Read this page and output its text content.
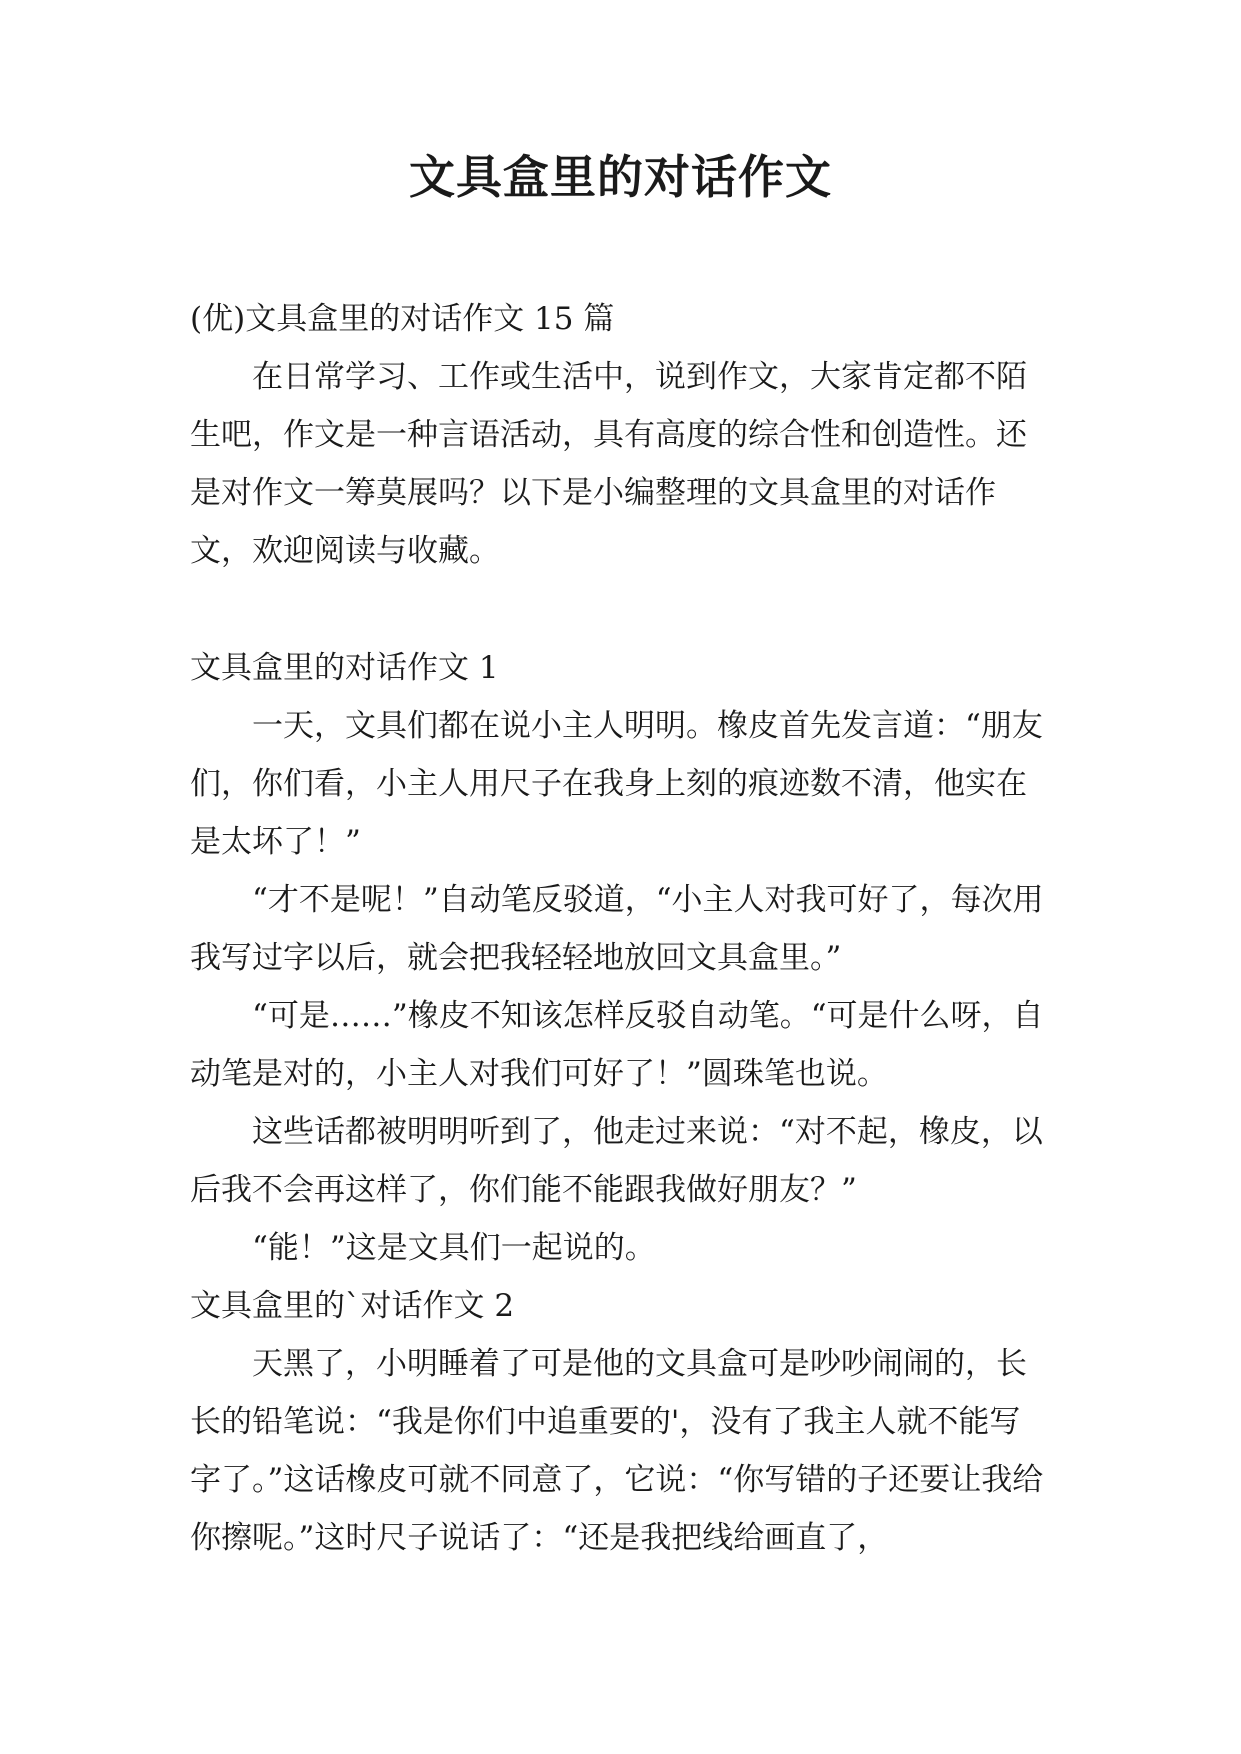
文具盒里的对话作文

(优)文具盒里的对话作文 15 篇

在日常学习、工作或生活中，说到作文，大家肯定都不陌生吧，作文是一种言语活动，具有高度的综合性和创造性。还是对作文一筹莫展吗？以下是小编整理的文具盒里的对话作文，欢迎阅读与收藏。

文具盒里的对话作文 1

一天，文具们都在说小主人明明。橡皮首先发言道：“朋友们，你们看，小主人用尺子在我身上刻的痕迹数不清，他实在是太坏了！”

“才不是呢！”自动笔反驳道，“小主人对我可好了，每次用我写过字以后，就会把我轻轻地放回文具盒里。”

“可是……”橡皮不知该怎样反驳自动笔。“可是什么呀，自动笔是对的，小主人对我们可好了！”圆珠笔也说。

这些话都被明明听到了，他走过来说：“对不起，橡皮，以后我不会再这样了，你们能不能跟我做好朋友？”

“能！”这是文具们一起说的。

文具盒里的`对话作文 2

天黑了，小明睡着了可是他的文具盒可是吵吵闹闹的，长长的铅笔说：“我是你们中追重要的'，没有了我主人就不能写字了。”这话橡皮可就不同意了，它说：“你写错的子还要让我给你擦呢。”这时尺子说话了：“还是我把线给画直了，
